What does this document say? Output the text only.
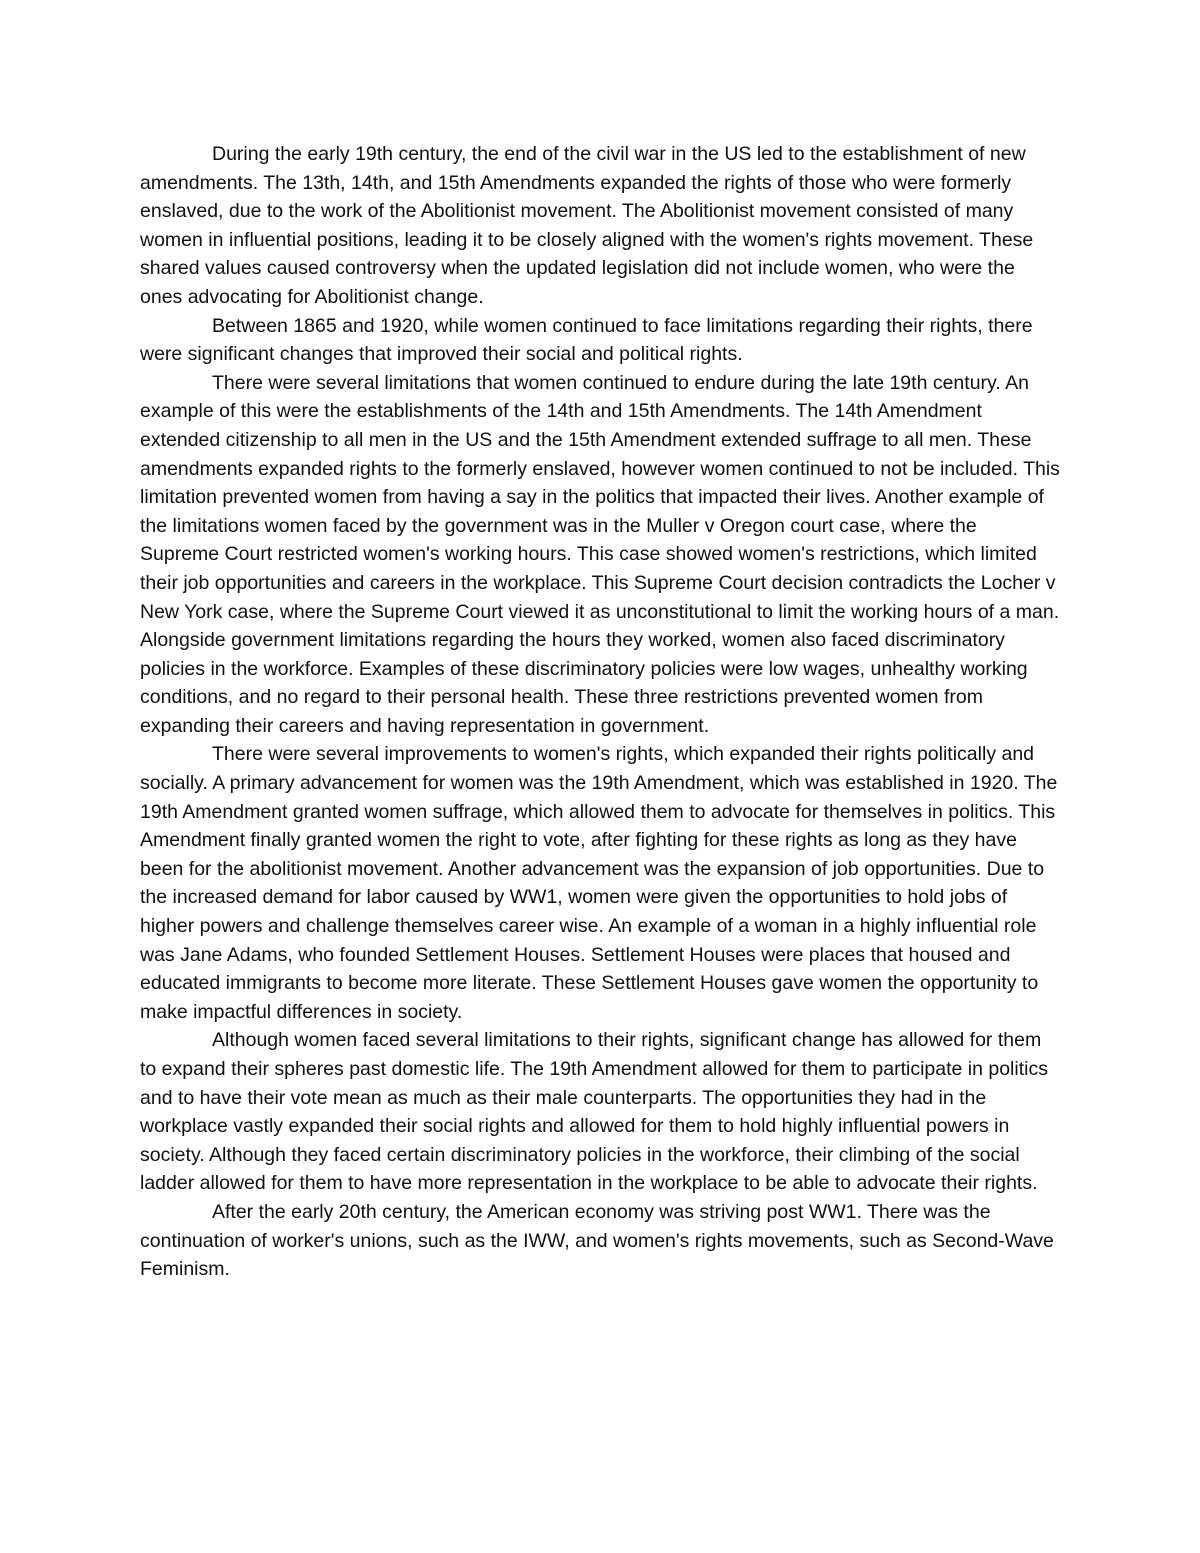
During the early 19th century, the end of the civil war in the US led to the establishment of new amendments. The 13th, 14th, and 15th Amendments expanded the rights of those who were formerly enslaved, due to the work of the Abolitionist movement. The Abolitionist movement consisted of many women in influential positions, leading it to be closely aligned with the women's rights movement. These shared values caused controversy when the updated legislation did not include women, who were the ones advocating for Abolitionist change.

Between 1865 and 1920, while women continued to face limitations regarding their rights, there were significant changes that improved their social and political rights.

There were several limitations that women continued to endure during the late 19th century. An example of this were the establishments of the 14th and 15th Amendments. The 14th Amendment extended citizenship to all men in the US and the 15th Amendment extended suffrage to all men. These amendments expanded rights to the formerly enslaved, however women continued to not be included. This limitation prevented women from having a say in the politics that impacted their lives. Another example of the limitations women faced by the government was in the Muller v Oregon court case, where the Supreme Court restricted women's working hours. This case showed women's restrictions, which limited their job opportunities and careers in the workplace. This Supreme Court decision contradicts the Locher v New York case, where the Supreme Court viewed it as unconstitutional to limit the working hours of a man. Alongside government limitations regarding the hours they worked, women also faced discriminatory policies in the workforce. Examples of these discriminatory policies were low wages, unhealthy working conditions, and no regard to their personal health. These three restrictions prevented women from expanding their careers and having representation in government.

There were several improvements to women's rights, which expanded their rights politically and socially. A primary advancement for women was the 19th Amendment, which was established in 1920. The 19th Amendment granted women suffrage, which allowed them to advocate for themselves in politics. This Amendment finally granted women the right to vote, after fighting for these rights as long as they have been for the abolitionist movement. Another advancement was the expansion of job opportunities. Due to the increased demand for labor caused by WW1, women were given the opportunities to hold jobs of higher powers and challenge themselves career wise. An example of a woman in a highly influential role was Jane Adams, who founded Settlement Houses. Settlement Houses were places that housed and educated immigrants to become more literate. These Settlement Houses gave women the opportunity to make impactful differences in society.

Although women faced several limitations to their rights, significant change has allowed for them to expand their spheres past domestic life. The 19th Amendment allowed for them to participate in politics and to have their vote mean as much as their male counterparts. The opportunities they had in the workplace vastly expanded their social rights and allowed for them to hold highly influential powers in society. Although they faced certain discriminatory policies in the workforce, their climbing of the social ladder allowed for them to have more representation in the workplace to be able to advocate their rights.

After the early 20th century, the American economy was striving post WW1. There was the continuation of worker's unions, such as the IWW, and women's rights movements, such as Second-Wave Feminism.
